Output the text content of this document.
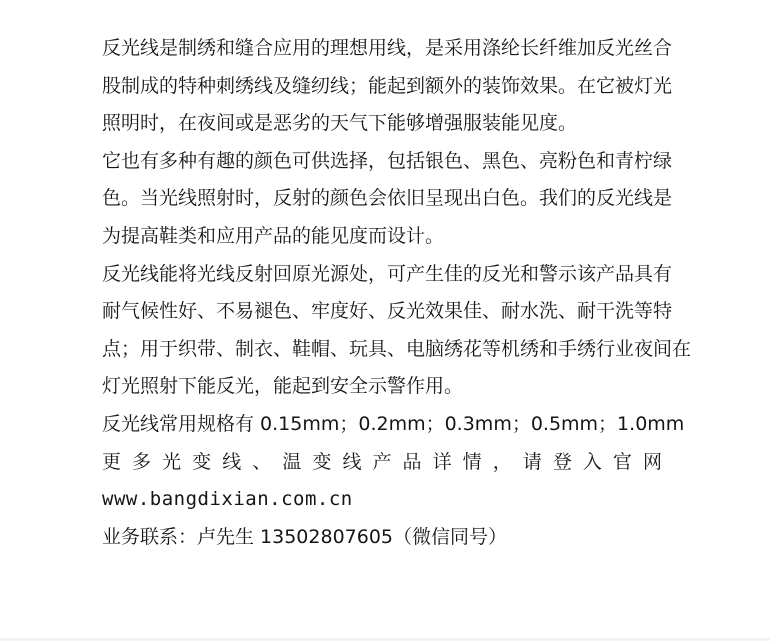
反光线是制绣和缝合应用的理想用线，是采用涤纶长纤维加反光丝合
股制成的特种刺绣线及缝纫线；能起到额外的装饰效果。在它被灯光
照明时，在夜间或是恶劣的天气下能够增强服装能见度。
它也有多种有趣的颜色可供选择，包括银色、黑色、亮粉色和青柠绿
色。当光线照射时，反射的颜色会依旧呈现出白色。我们的反光线是
为提高鞋类和应用产品的能见度而设计。
反光线能将光线反射回原光源处，可产生佳的反光和警示该产品具有
耐气候性好、不易褪色、牢度好、反光效果佳、耐水洗、耐干洗等特
点；用于织带、制衣、鞋帽、玩具、电脑绣花等机绣和手绣行业夜间在
灯光照射下能反光，能起到安全示警作用。
反光线常用规格有 0.15mm；0.2mm；0.3mm；0.5mm；1.0mm
更多光变线、温变线产品详情，请登入官网
www.bangdixian.com.cn
业务联系：卢先生 13502807605（微信同号）
